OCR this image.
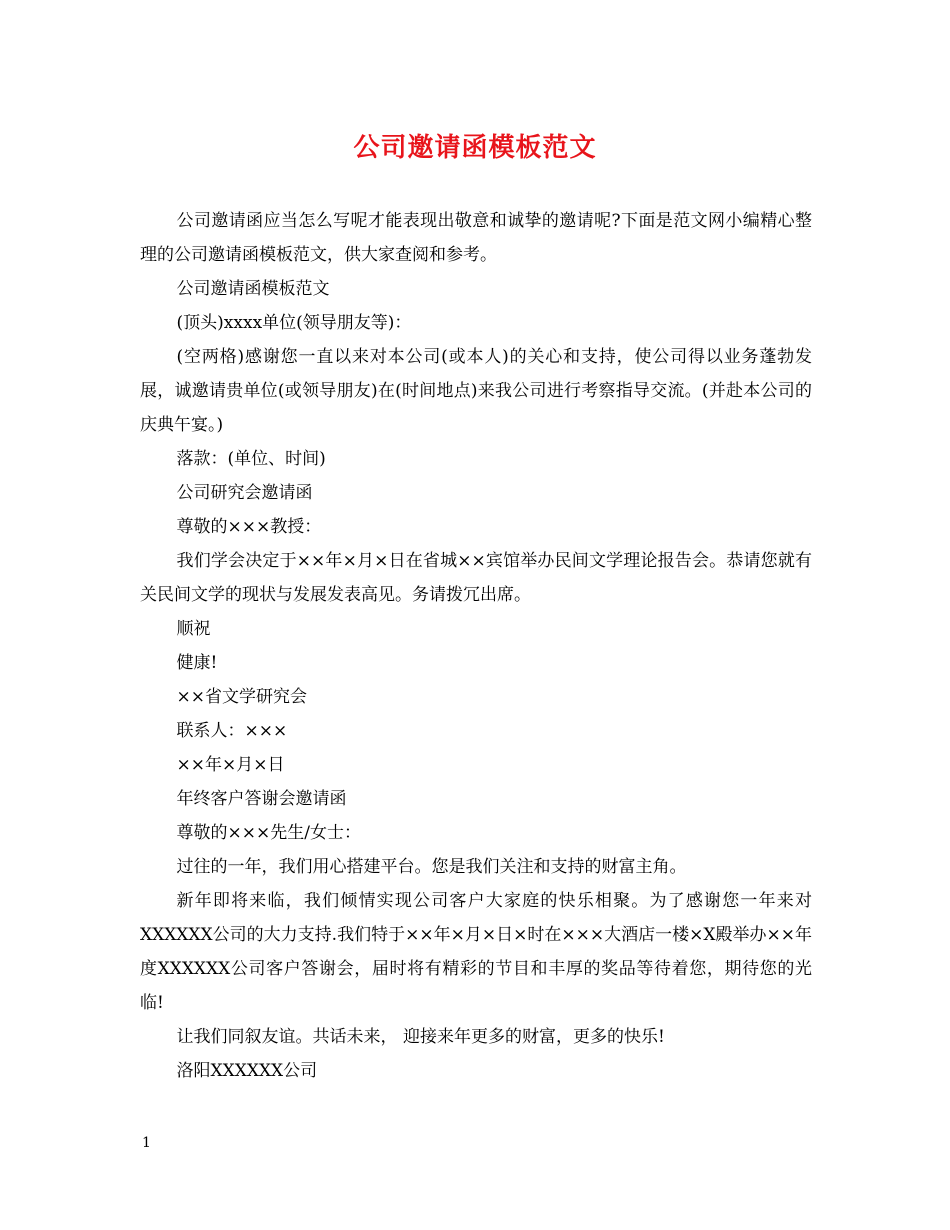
公司邀请函模板范文

公司邀请函应当怎么写呢才能表现出敬意和诚挚的邀请呢?下面是范文网小编精心整理的公司邀请函模板范文，供大家查阅和参考。

公司邀请函模板范文

(顶头)xxxx单位(领导朋友等)：

(空两格)感谢您一直以来对本公司(或本人)的关心和支持，使公司得以业务蓬勃发展，诚邀请贵单位(或领导朋友)在(时间地点)来我公司进行考察指导交流。(并赴本公司的庆典午宴。)

落款：(单位、时间)

公司研究会邀请函

尊敬的×××教授：

我们学会决定于××年×月×日在省城××宾馆举办民间文学理论报告会。恭请您就有关民间文学的现状与发展发表高见。务请拨冗出席。

顺祝

健康!

××省文学研究会

联系人：×××

××年×月×日

年终客户答谢会邀请函

尊敬的×××先生/女士：

过往的一年，我们用心搭建平台。您是我们关注和支持的财富主角。

新年即将来临，我们倾情实现公司客户大家庭的快乐相聚。为了感谢您一年来对XXXXXX公司的大力支持.我们特于××年×月×日×时在×××大酒店一楼×X殿举办××年度XXXXXX公司客户答谢会，届时将有精彩的节目和丰厚的奖品等待着您，期待您的光临!

让我们同叙友谊。共话未来， 迎接来年更多的财富，更多的快乐!

洛阳XXXXXX公司

1
